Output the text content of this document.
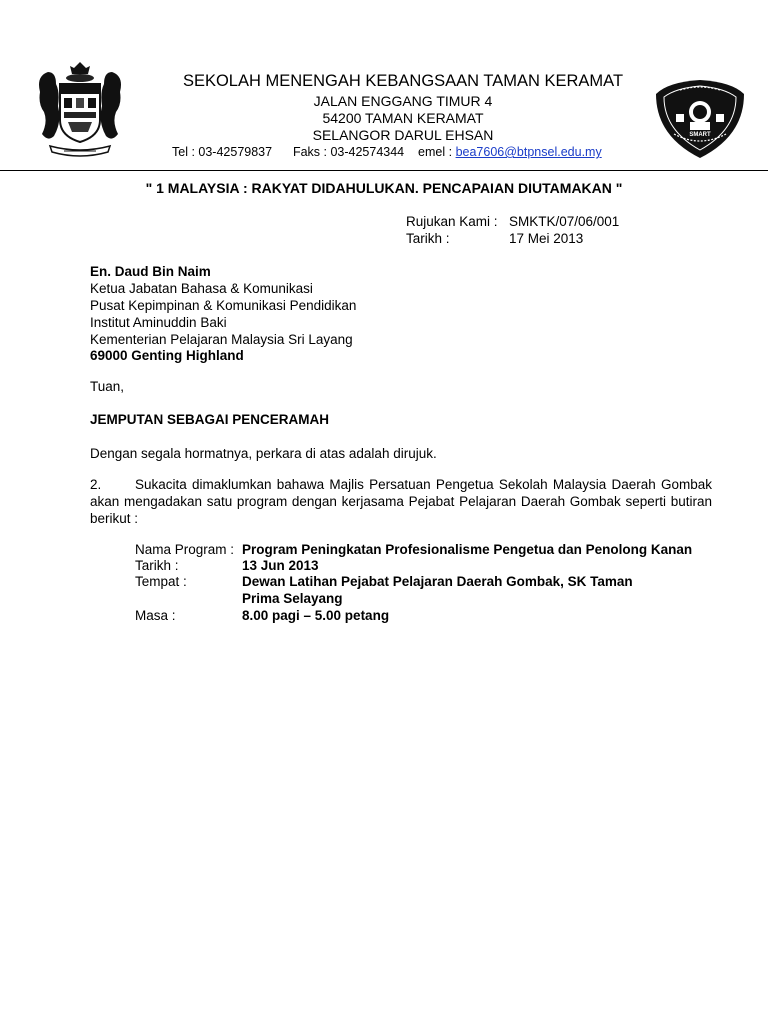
SMART
SEKOLAH MENENGAH KEBANGSAAN TAMAN KERAMAT
JALAN ENGGANG TIMUR 4
54200 TAMAN KERAMAT
SELANGOR DARUL EHSAN
Tel : 03-42579837 Faks : 03-42574344 emel : bea7606@btpnsel.edu.my
" 1 MALAYSIA : RAKYAT DIDAHULUKAN. PENCAPAIAN DIUTAMAKAN "
Rujukan Kami : SMKTK/07/06/001
Tarikh :	17 Mei 2013
En. Daud Bin Naim
Ketua Jabatan Bahasa & Komunikasi
Pusat Kepimpinan & Komunikasi Pendidikan
Institut Aminuddin Baki
Kementerian Pelajaran Malaysia Sri Layang
69000 Genting Highland
Tuan,
JEMPUTAN SEBAGAI PENCERAMAH
Dengan segala hormatnya, perkara di atas adalah dirujuk.
2. Sukacita dimaklumkan bahawa Majlis Persatuan Pengetua Sekolah Malaysia Daerah Gombak akan mengadakan satu program dengan kerjasama Pejabat Pelajaran Daerah Gombak seperti butiran berikut :
Nama Program : Program Peningkatan Profesionalisme Pengetua dan Penolong Kanan
Tarikh :	13 Jun 2013
Tempat :	Dewan Latihan Pejabat Pelajaran Daerah Gombak, SK Taman
Prima Selayang
Masa :	8.00 pagi – 5.00 petang
